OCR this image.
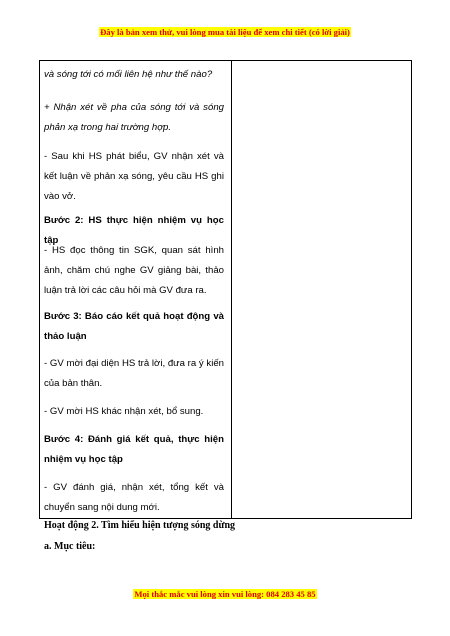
Đây là bản xem thử, vui lòng mua tài liệu để xem chi tiết (có lời giải)
và sóng tới có mối liên hệ như thế nào?
+ Nhận xét về pha của sóng tới và sóng phản xạ trong hai trường hợp.
- Sau khi HS phát biểu, GV nhận xét và kết luận về phản xạ sóng, yêu cầu HS ghi vào vở.
Bước 2: HS thực hiện nhiệm vụ học tập
- HS đọc thông tin SGK, quan sát hình ảnh, chăm chú nghe GV giảng bài, thảo luận trả lời các câu hỏi mà GV đưa ra.
Bước 3: Báo cáo kết quả hoạt động và thảo luận
- GV mời đại diện HS trả lời, đưa ra ý kiến của bản thân.
- GV mời HS khác nhận xét, bổ sung.
Bước 4: Đánh giá kết quả, thực hiện nhiệm vụ học tập
- GV đánh giá, nhận xét, tổng kết và chuyển sang nội dung mới.
Hoạt động 2. Tìm hiểu hiện tượng sóng dừng
a. Mục tiêu:
Mọi thắc mắc vui lòng xin vui lòng: 084 283 45 85
